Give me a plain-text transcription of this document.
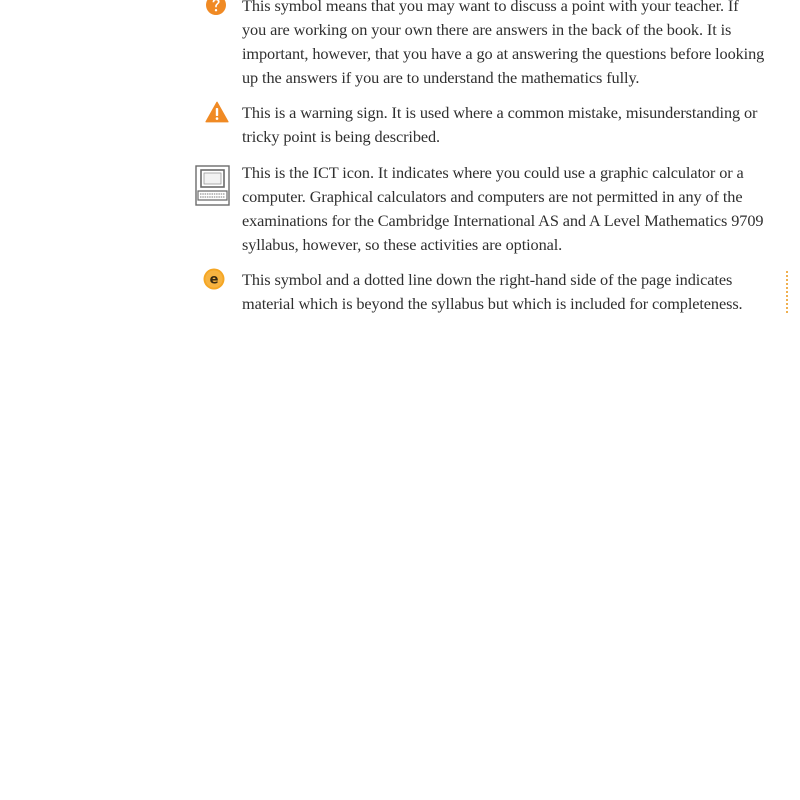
This symbol means that you may want to discuss a point with your teacher. If
you are working on your own there are answers in the back of the book. It is
important, however, that you have a go at answering the questions before looking
up the answers if you are to understand the mathematics fully.
This is a warning sign. It is used where a common mistake, misunderstanding or
tricky point is being described.
This is the ICT icon. It indicates where you could use a graphic calculator or a
computer. Graphical calculators and computers are not permitted in any of the
examinations for the Cambridge International AS and A Level Mathematics 9709
syllabus, however, so these activities are optional.
e This symbol and a dotted line down the right-hand side of the page indicates
material which is beyond the syllabus but which is included for completeness.
